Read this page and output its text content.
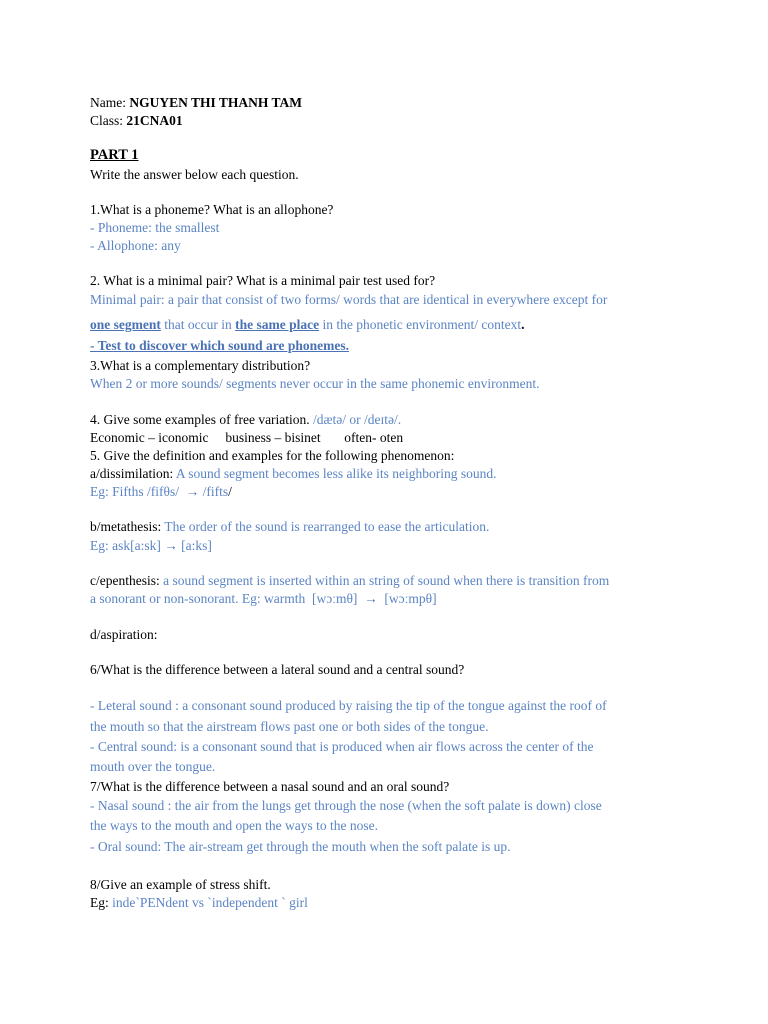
Name: NGUYEN THI THANH TAM

Class: 21CNA01

PART 1

Write the answer below each question.

1.What is a phoneme? What is an allophone?

- Phoneme: the smallest

- Allophone: any

2. What is a minimal pair? What is a minimal pair test used for?

Minimal pair: a pair that consist of two forms/ words that are identical in everywhere except for

one segment that occur in the same place in the phonetic environment/ context.

- Test to discover which sound are phonemes.

3.What is a complementary distribution?

When 2 or more sounds/ segments never occur in the same phonemic environment.

4. Give some examples of free variation. /dætə/ or /deɪtə/.

Economic – iconomic     business – bisinet       often- oten

5. Give the definition and examples for the following phenomenon:

a/dissimilation: A sound segment becomes less alike its neighboring sound.

Eg: Fifths /fifθs/  → /fifts/

b/metathesis: The order of the sound is rearranged to ease the articulation.

Eg: ask[a:sk] → [a:ks]

c/epenthesis: a sound segment is inserted within an string of sound when there is transition from

a sonorant or non-sonorant. Eg: warmth  [wɔːmθ]  →  [wɔːmpθ]

d/aspiration:

6/What is the difference between a lateral sound and a central sound?

- Leteral sound : a consonant sound produced by raising the tip of the tongue against the roof of

the mouth so that the airstream flows past one or both sides of the tongue.

- Central sound: is a consonant sound that is produced when air flows across the center of the

mouth over the tongue.

7/What is the difference between a nasal sound and an oral sound?

- Nasal sound : the air from the lungs get through the nose (when the soft palate is down) close

the ways to the mouth and open the ways to the nose.

- Oral sound: The air-stream get through the mouth when the soft palate is up.

8/Give an example of stress shift.

Eg: inde`PENdent vs `independent ` girl
